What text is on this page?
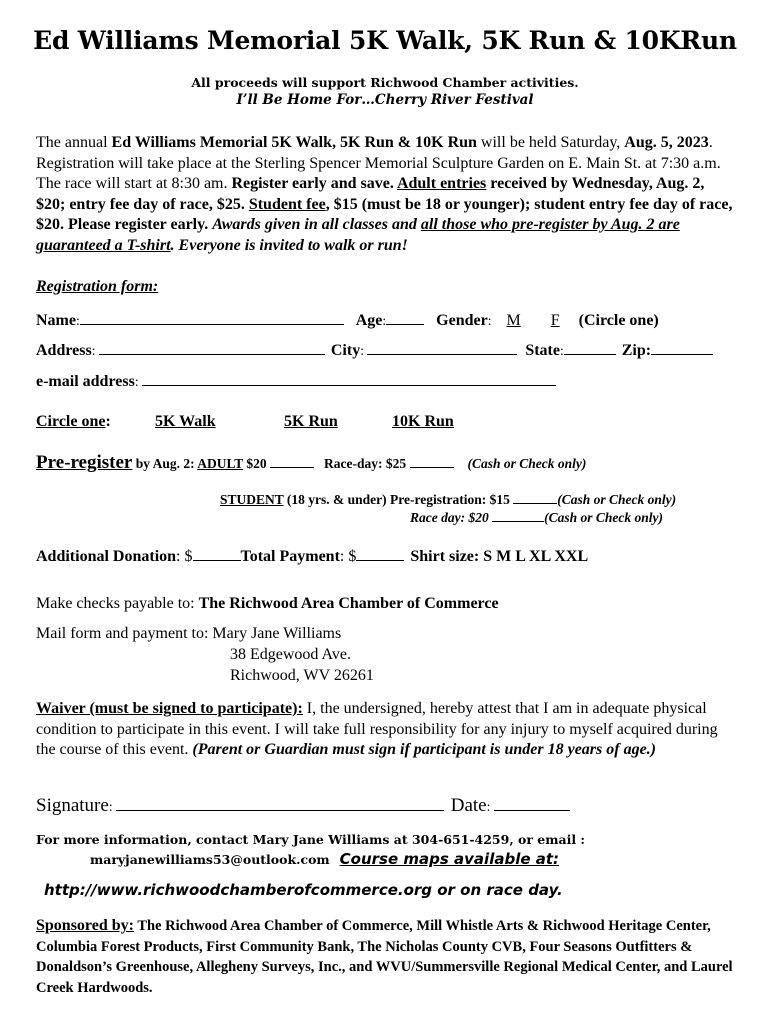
Ed Williams Memorial 5K Walk, 5K Run & 10KRun
All proceeds will support Richwood Chamber activities.
I’ll Be Home For…Cherry River Festival
The annual Ed Williams Memorial 5K Walk, 5K Run & 10K Run will be held Saturday, Aug. 5, 2023. Registration will take place at the Sterling Spencer Memorial Sculpture Garden on E. Main St. at 7:30 a.m. The race will start at 8:30 am. Register early and save. Adult entries received by Wednesday, Aug. 2, $20; entry fee day of race, $25. Student fee, $15 (must be 18 or younger); student entry fee day of race, $20. Please register early. Awards given in all classes and all those who pre-register by Aug. 2 are guaranteed a T-shirt. Everyone is invited to walk or run!
Registration form:
Name:	Age:	Gender: M F (Circle one)
Address:	City:	State:	Zip:
e-mail address:
Circle one:	5K Walk	5K Run	10K Run
Pre-register by Aug. 2: ADULT $20	Race-day: $25	(Cash or Check only)
STUDENT (18 yrs. & under) Pre-registration: $15	(Cash or Check only)
Race day: $20	(Cash or Check only)
Additional Donation: $	Total Payment: $	Shirt size: S M L XL XXL
Make checks payable to: The Richwood Area Chamber of Commerce
Mail form and payment to: Mary Jane Williams
38 Edgewood Ave.
Richwood, WV 26261
Waiver (must be signed to participate): I, the undersigned, hereby attest that I am in adequate physical condition to participate in this event. I will take full responsibility for any injury to myself acquired during the course of this event. (Parent or Guardian must sign if participant is under 18 years of age.)
Signature:	Date:
For more information, contact Mary Jane Williams at 304-651-4259, or email :
maryjanewilliams53@outlook.com Course maps available at:
http://www.richwoodchamberofcommerce.org or on race day.
Sponsored by: The Richwood Area Chamber of Commerce, Mill Whistle Arts & Richwood Heritage Center, Columbia Forest Products, First Community Bank, The Nicholas County CVB, Four Seasons Outfitters & Donaldson’s Greenhouse, Allegheny Surveys, Inc., and WVU/Summersville Regional Medical Center, and Laurel Creek Hardwoods.
